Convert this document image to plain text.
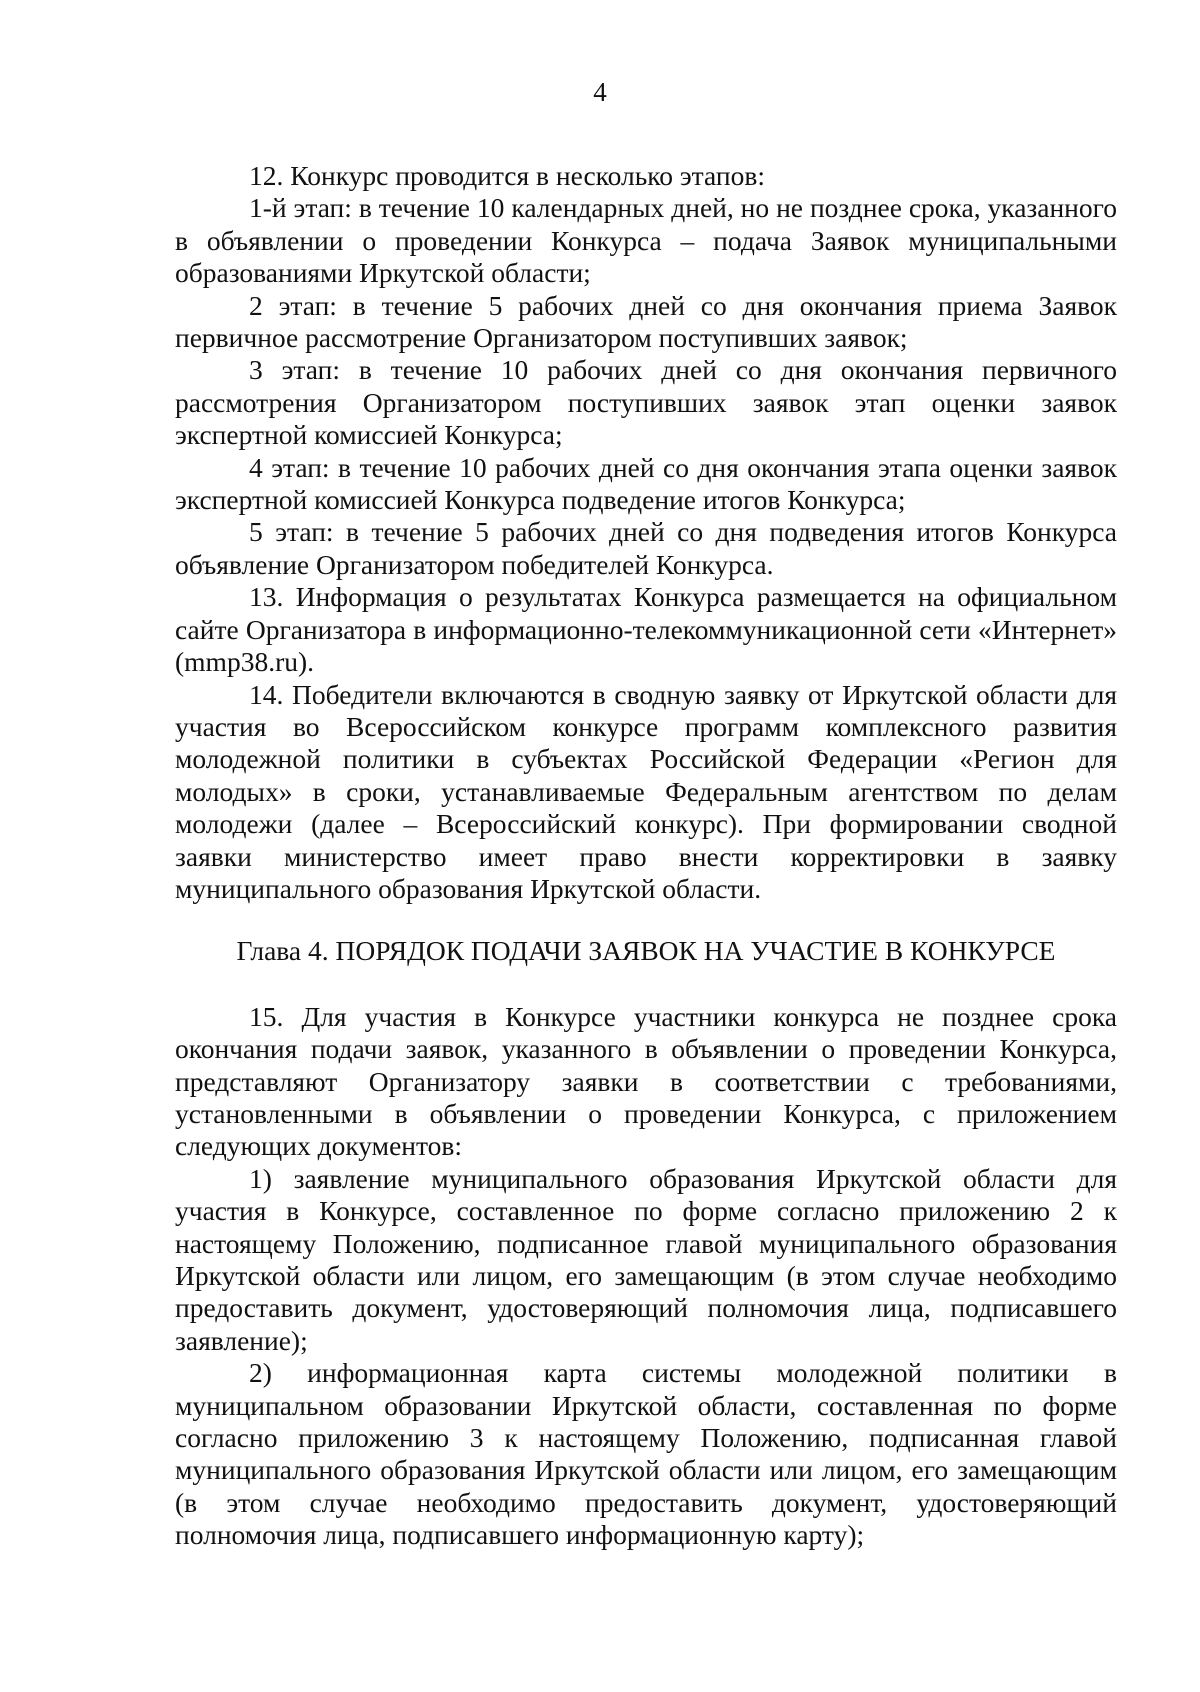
4

12. Конкурс проводится в несколько этапов:

1-й этап: в течение 10 календарных дней, но не позднее срока, указанного в объявлении о проведении Конкурса – подача Заявок муниципальными образованиями Иркутской области;

2 этап: в течение 5 рабочих дней со дня окончания приема Заявок первичное рассмотрение Организатором поступивших заявок;

3 этап: в течение 10 рабочих дней со дня окончания первичного рассмотрения Организатором поступивших заявок этап оценки заявок экспертной комиссией Конкурса;

4 этап: в течение 10 рабочих дней со дня окончания этапа оценки заявок экспертной комиссией Конкурса подведение итогов Конкурса;

5 этап: в течение 5 рабочих дней со дня подведения итогов Конкурса объявление Организатором победителей Конкурса.

13. Информация о результатах Конкурса размещается на официальном сайте Организатора в информационно-телекоммуникационной сети «Интернет» (mmp38.ru).

14. Победители включаются в сводную заявку от Иркутской области для участия во Всероссийском конкурсе программ комплексного развития молодежной политики в субъектах Российской Федерации «Регион для молодых» в сроки, устанавливаемые Федеральным агентством по делам молодежи (далее – Всероссийский конкурс). При формировании сводной заявки министерство имеет право внести корректировки в заявку муниципального образования Иркутской области.

Глава 4. ПОРЯДОК ПОДАЧИ ЗАЯВОК НА УЧАСТИЕ В КОНКУРСЕ

15. Для участия в Конкурсе участники конкурса не позднее срока окончания подачи заявок, указанного в объявлении о проведении Конкурса, представляют Организатору заявки в соответствии с требованиями, установленными в объявлении о проведении Конкурса, с приложением следующих документов:

1) заявление муниципального образования Иркутской области для участия в Конкурсе, составленное по форме согласно приложению 2 к настоящему Положению, подписанное главой муниципального образования Иркутской области или лицом, его замещающим (в этом случае необходимо предоставить документ, удостоверяющий полномочия лица, подписавшего заявление);

2) информационная карта системы молодежной политики в муниципальном образовании Иркутской области, составленная по форме согласно приложению 3 к настоящему Положению, подписанная главой муниципального образования Иркутской области или лицом, его замещающим (в этом случае необходимо предоставить документ, удостоверяющий полномочия лица, подписавшего информационную карту);
